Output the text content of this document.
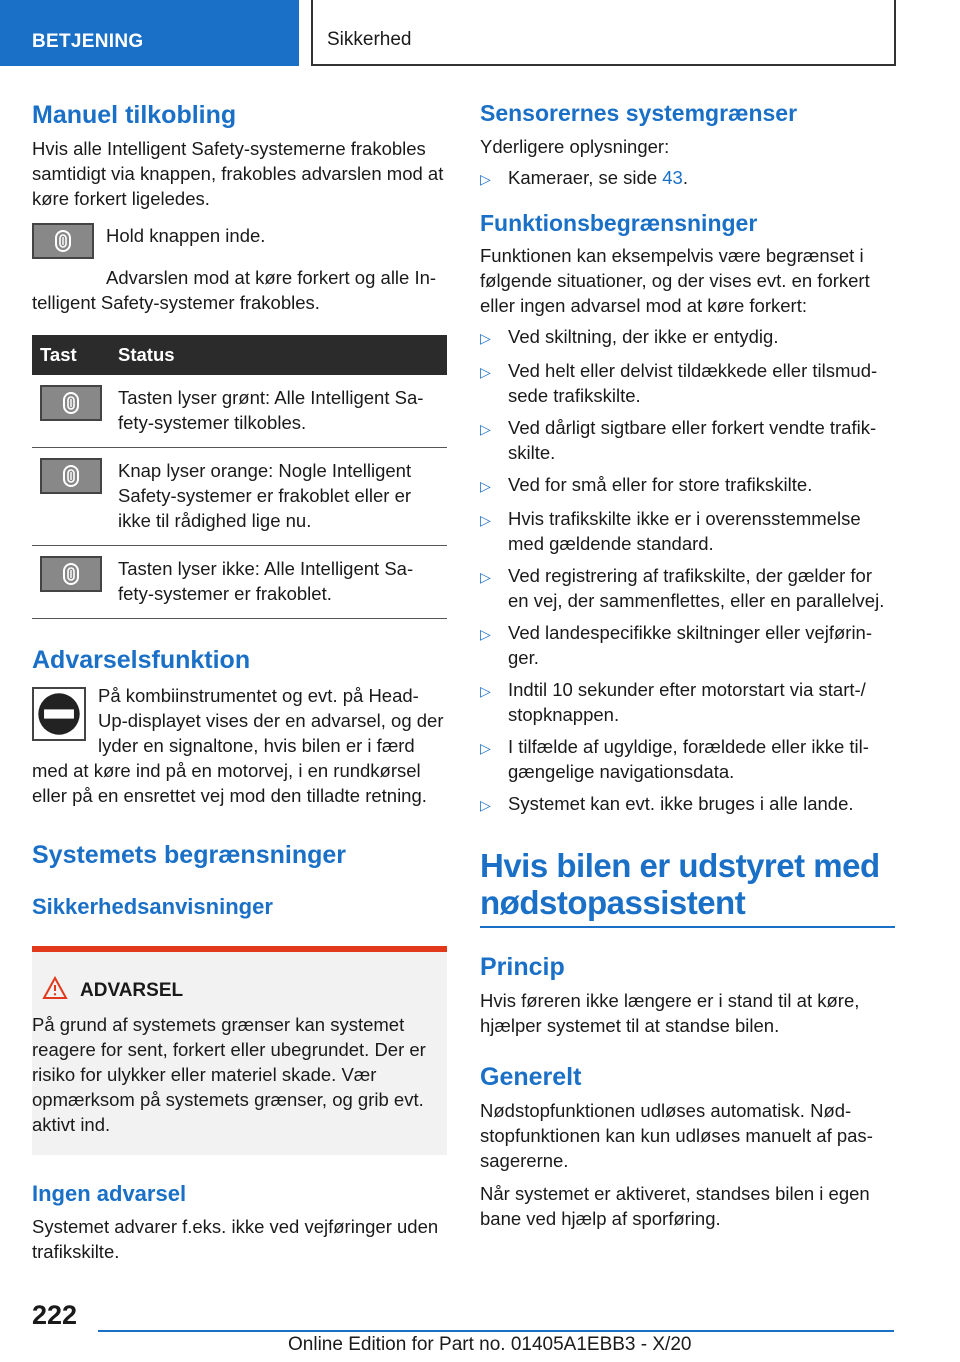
BETJENING	Sikkerhed
Manuel tilkobling

Hvis alle Intelligent Safety-systemerne frakobles samtidigt via knappen, frakobles advarslen mod at køre forkert ligeledes.

Hold knappen inde.

Advarslen mod at køre forkert og alle Intelligent Safety-systemer frakobles.

Tast	Status

	Tasten lyser grønt: Alle Intelligent Safety-systemer tilkobles.

	Knap lyser orange: Nogle Intelligent Safety-systemer er frakoblet eller er ikke til rådighed lige nu.

	Tasten lyser ikke: Alle Intelligent Safety-systemer er frakoblet.
Advarselsfunktion

På kombiinstrumentet og evt. på Head-Up-displayet vises der en advarsel, og der lyder en signaltone, hvis bilen er i færd med at køre ind på en motorvej, i en rundkørsel eller på en ensrettet vej mod den tilladte retning.

Systemets begrænsninger
Sikkerhedsanvisninger
ADVARSEL

På grund af systemets grænser kan systemet reagere for sent, forkert eller ubegrundet. Der er risiko for ulykker eller materiel skade. Vær opmærksom på systemets grænser, og grib evt. aktivt ind.

Ingen advarsel

Systemet advarer f.eks. ikke ved vejføringer uden trafikskilte.

Sensorernes systemgrænser

Yderligere oplysninger:

▷ Kameraer, se side 43.
Funktionsbegrænsninger

Funktionen kan eksempelvis være begrænset i følgende situationer, og der vises evt. en forkert eller ingen advarsel mod at køre forkert:

▷ Ved skiltning, der ikke er entydig.
▷ Ved helt eller delvist tildækkede eller tilsmudsede trafikskilte.
▷ Ved dårligt sigtbare eller forkert vendte trafikskilte.
▷ Ved for små eller for store trafikskilte.
▷ Hvis trafikskilte ikke er i overensstemmelse med gældende standard.
▷ Ved registrering af trafikskilte, der gælder for en vej, der sammenflettes, eller en parallelvej.
▷ Ved landespecifikke skiltninger eller vejføringer.
▷ Indtil 10 sekunder efter motorstart via start-/ stopknappen.
▷ I tilfælde af ugyldige, forældede eller ikke tilgængelige navigationsdata.
▷ Systemet kan evt. ikke bruges i alle lande.
Hvis bilen er udstyret med nødstopassistent
Princip

Hvis føreren ikke længere er i stand til at køre, hjælper systemet til at standse bilen.

Generelt

Nødstopfunktionen udløses automatisk. Nødstopfunktionen kan kun udløses manuelt af passagererne.

Når systemet er aktiveret, standses bilen i egen bane ved hjælp af sporføring.

222
Online Edition for Part no. 01405A1EBB3 - X/20
